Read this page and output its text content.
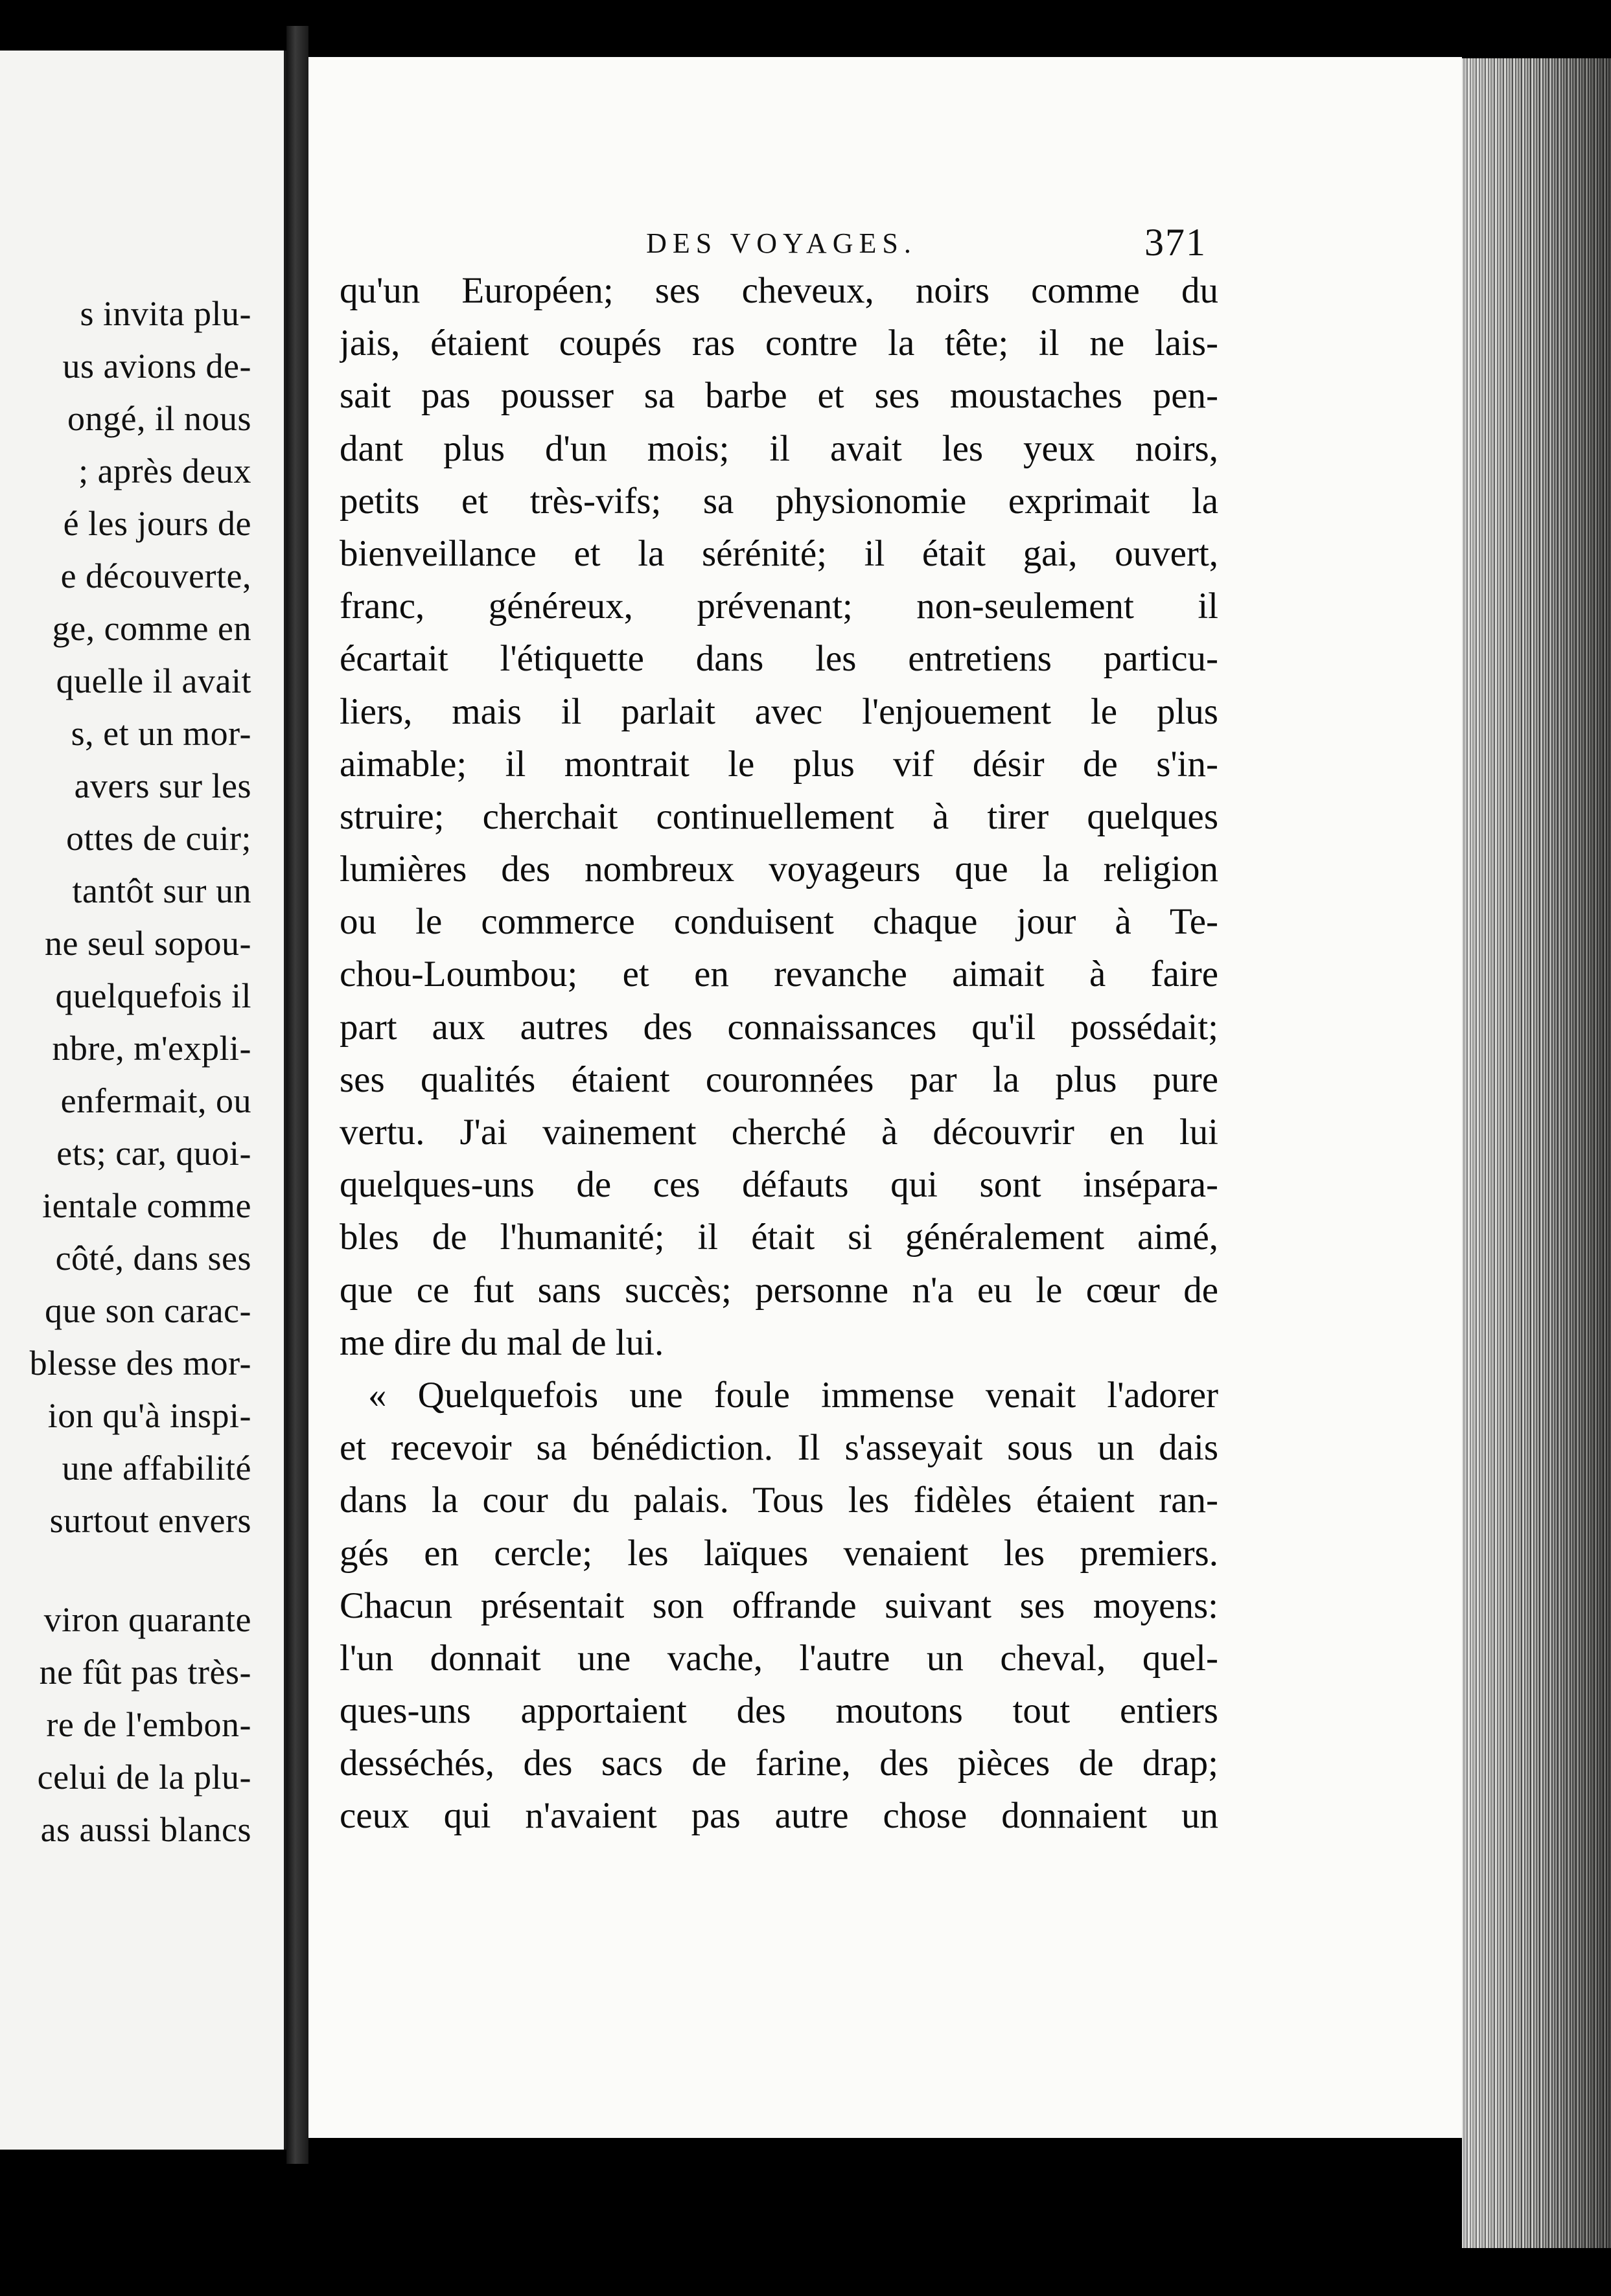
s invita plu-
us avions de-
ongé, il nous
; après deux
é les jours de
e découverte,
ge, comme en
quelle il avait
s, et un mor-
avers sur les
ottes de cuir;
tantôt sur un
ne seul sopou-
quelquefois il
nbre, m'expli-
enfermait, ou
ets; car, quoi-
ientale comme
côté, dans ses
que son carac-
blesse des mor-
ion qu'à inspi-
une affabilité
surtout envers
viron quarante
ne fût pas très-
re de l'embon-
celui de la plu-
as aussi blancs
DES VOYAGES.	371
qu'un Européen; ses cheveux, noirs comme du
jais, étaient coupés ras contre la tête; il ne lais-
sait pas pousser sa barbe et ses moustaches pen-
dant plus d'un mois; il avait les yeux noirs,
petits et très-vifs; sa physionomie exprimait la
bienveillance et la sérénité; il était gai, ouvert,
franc, généreux, prévenant; non-seulement il
écartait l'étiquette dans les entretiens particu-
liers, mais il parlait avec l'enjouement le plus
aimable; il montrait le plus vif désir de s'in-
struire; cherchait continuellement à tirer quelques
lumières des nombreux voyageurs que la religion
ou le commerce conduisent chaque jour à Te-
chou-Loumbou; et en revanche aimait à faire
part aux autres des connaissances qu'il possédait;
ses qualités étaient couronnées par la plus pure
vertu. J'ai vainement cherché à découvrir en lui
quelques-uns de ces défauts qui sont insépara-
bles de l'humanité; il était si généralement aimé,
que ce fut sans succès; personne n'a eu le cœur de
me dire du mal de lui.
« Quelquefois une foule immense venait l'adorer
et recevoir sa bénédiction. Il s'asseyait sous un dais
dans la cour du palais. Tous les fidèles étaient ran-
gés en cercle; les laïques venaient les premiers.
Chacun présentait son offrande suivant ses moyens:
l'un donnait une vache, l'autre un cheval, quel-
ques-uns apportaient des moutons tout entiers
desséchés, des sacs de farine, des pièces de drap;
ceux qui n'avaient pas autre chose donnaient un
